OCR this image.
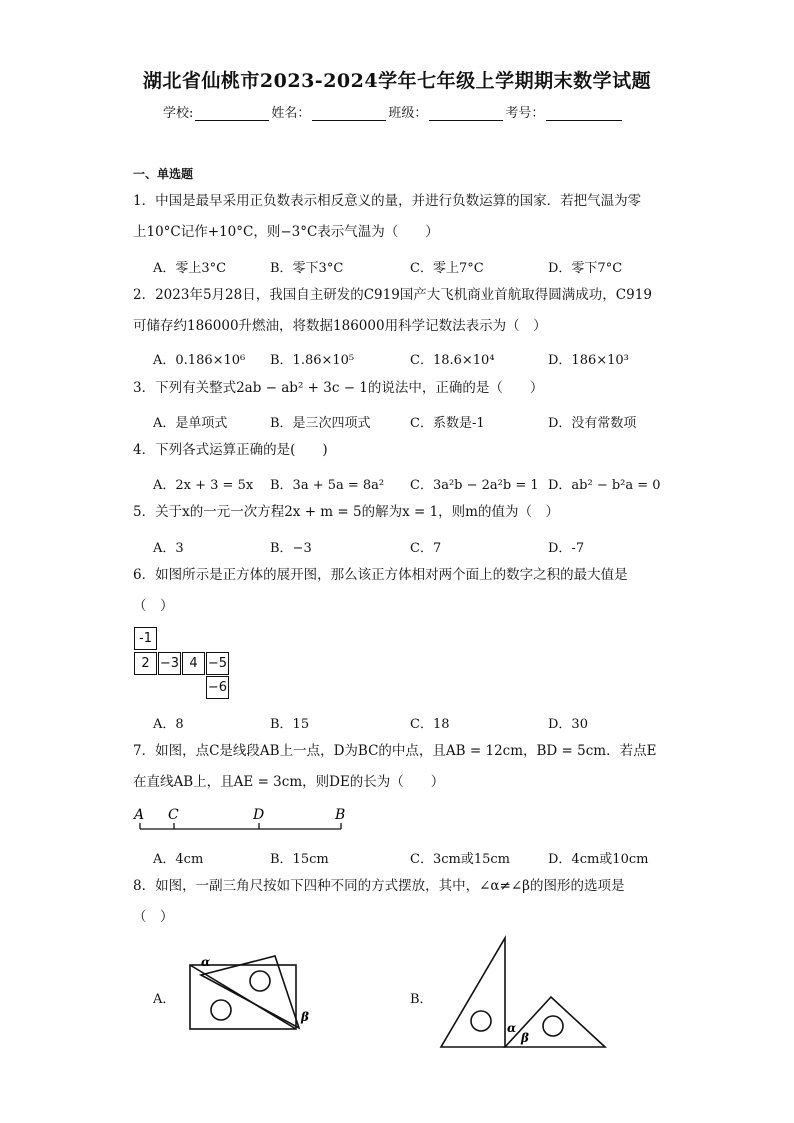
湖北省仙桃市2023-2024学年七年级上学期期末数学试题
学校:	姓名：	班级：	考号：
一、单选题
1．中国是最早采用正负数表示相反意义的量，并进行负数运算的国家．若把气温为零
上10°C记作+10°C，则−3°C表示气温为（　　）
A．零上3°C	B．零下3°C	C．零上7°C	D．零下7°C
2．2023年5月28日，我国自主研发的C919国产大飞机商业首航取得圆满成功，C919
可储存约186000升燃油，将数据186000用科学记数法表示为（　）
A．0.186×10⁶ B．1.86×10⁵	C．18.6×10⁴	D．186×10³
3．下列有关整式2ab − ab² + 3c − 1的说法中，正确的是（　　）
A．是单项式	B．是三次四项式	C．系数是-1	D．没有常数项
4．下列各式运算正确的是(　　)
A．2x + 3 = 5x B．3a + 5a = 8a² C．3a²b − 2a²b = 1 D．ab² − b²a = 0
5．关于x的一元一次方程2x + m = 5的解为x = 1，则m的值为（　）
A．3	B．−3	C．7	D．-7
6．如图所示是正方体的展开图，那么该正方体相对两个面上的数字之积的最大值是
（　）
-1
2 −3 4 −5
−6
A．8	B．15	C．18	D．30
7．如图，点C是线段AB上一点，D为BC的中点，且AB = 12cm，BD = 5cm．若点E
在直线AB上，且AE = 3cm，则DE的长为（　　）
A C	D	B
A．4cm	B．15cm	C．3cm或15cm	D．4cm或10cm
8．如图，一副三角尺按如下四种不同的方式摆放，其中，∠α≠∠β的图形的选项是
（　）
A．
α
β
B．
α
β
